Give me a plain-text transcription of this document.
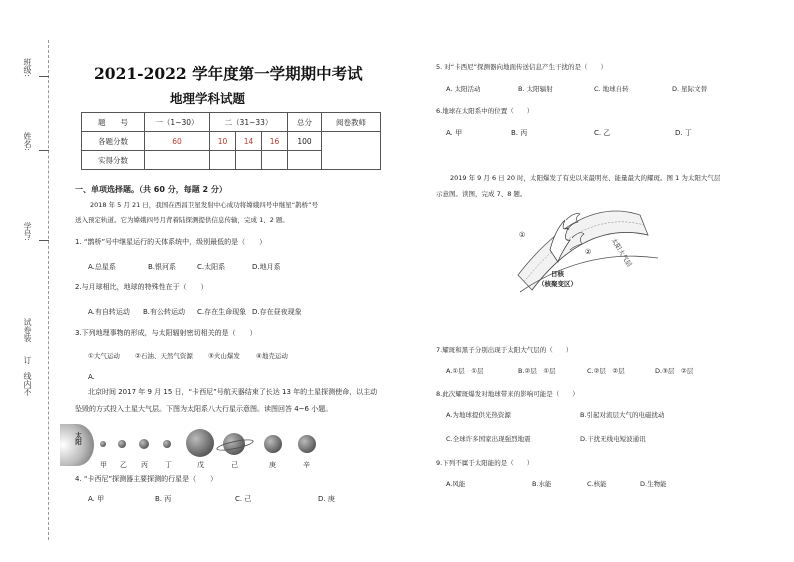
班级:
姓名:
学号:
试卷装
订
线内不
2021-2022 学年度第一学期期中考试
地理学科试题
题　　号	一（1~30）	二（31~33）			总分	阅卷教师
各题分数	60	10	14	16	100	
实得分数						
一、单项选择题。（共 60 分，每题 2 分）
2018 年 5 月 21 日，我国在西昌卫星发射中心成功将嫦娥四号中继星“鹊桥”号
送入预定轨道。它为嫦娥四号月背着陆探测提供信息传输，完成 1、2 题。
1. “鹊桥”号中继星运行的天体系统中，级别最低的是（　　）
A.总星系	B.银河系	C.太阳系	D.地月系
2.与月球相比，地球的特殊性在于（　　）
A.有自转运动 B.有公转运动 C.存在生命现象 D.存在昼夜现象
3.下列地理事物的形成，与太阳辐射密切相关的是（　　）
①大气运动 ②石油、天然气资源 ③火山爆发 ④地壳运动
A.
北京时间 2017 年 9 月 15 日，“卡西尼”号航天器结束了长达 13 年的土星探测使命，以主动
坠毁的方式投入土星大气层。下图为太阳系八大行星示意图。读图回答 4~6 小题。
太阳
甲 乙 丙 丁	戊	己	庚	辛
4. “卡西尼”探测器主要探测的行星是（　　）
A. 甲	B. 丙	C. 己	D. 庚
5. 对“卡西尼”探测器向地面传送信息产生干扰的是（　　）
A. 太阳活动	B. 太阳辐射	C. 地球自转	D. 星际文替
6.地球在太阳系中的位置（　　）
A. 甲	B. 丙	C. 乙	D. 丁
2019 年 9 月 6 日 20 时，太阳爆发了有史以来最明亮、能量最大的耀斑。图 1 为太阳大气层
示意图。读图，完成 7、8 题。
①
②	太阳大气层
日核
（核聚变区）
7.耀斑和黑子分别出现于太阳大气层的（　　）
A.①层　①层	B.②层　①层	C.②层　②层	D.③层　②层
8.此次耀斑爆发对地球带来的影响可能是（　　）
A.为地球提供光热资源	B.引起对流层大气的电磁扰动
C.全球许多国家出现强烈地震	D.干扰无线电短波通讯
9.下列不属于太阳能的是（　　）
A.风能	B.水能	C.核能	D.生物能
